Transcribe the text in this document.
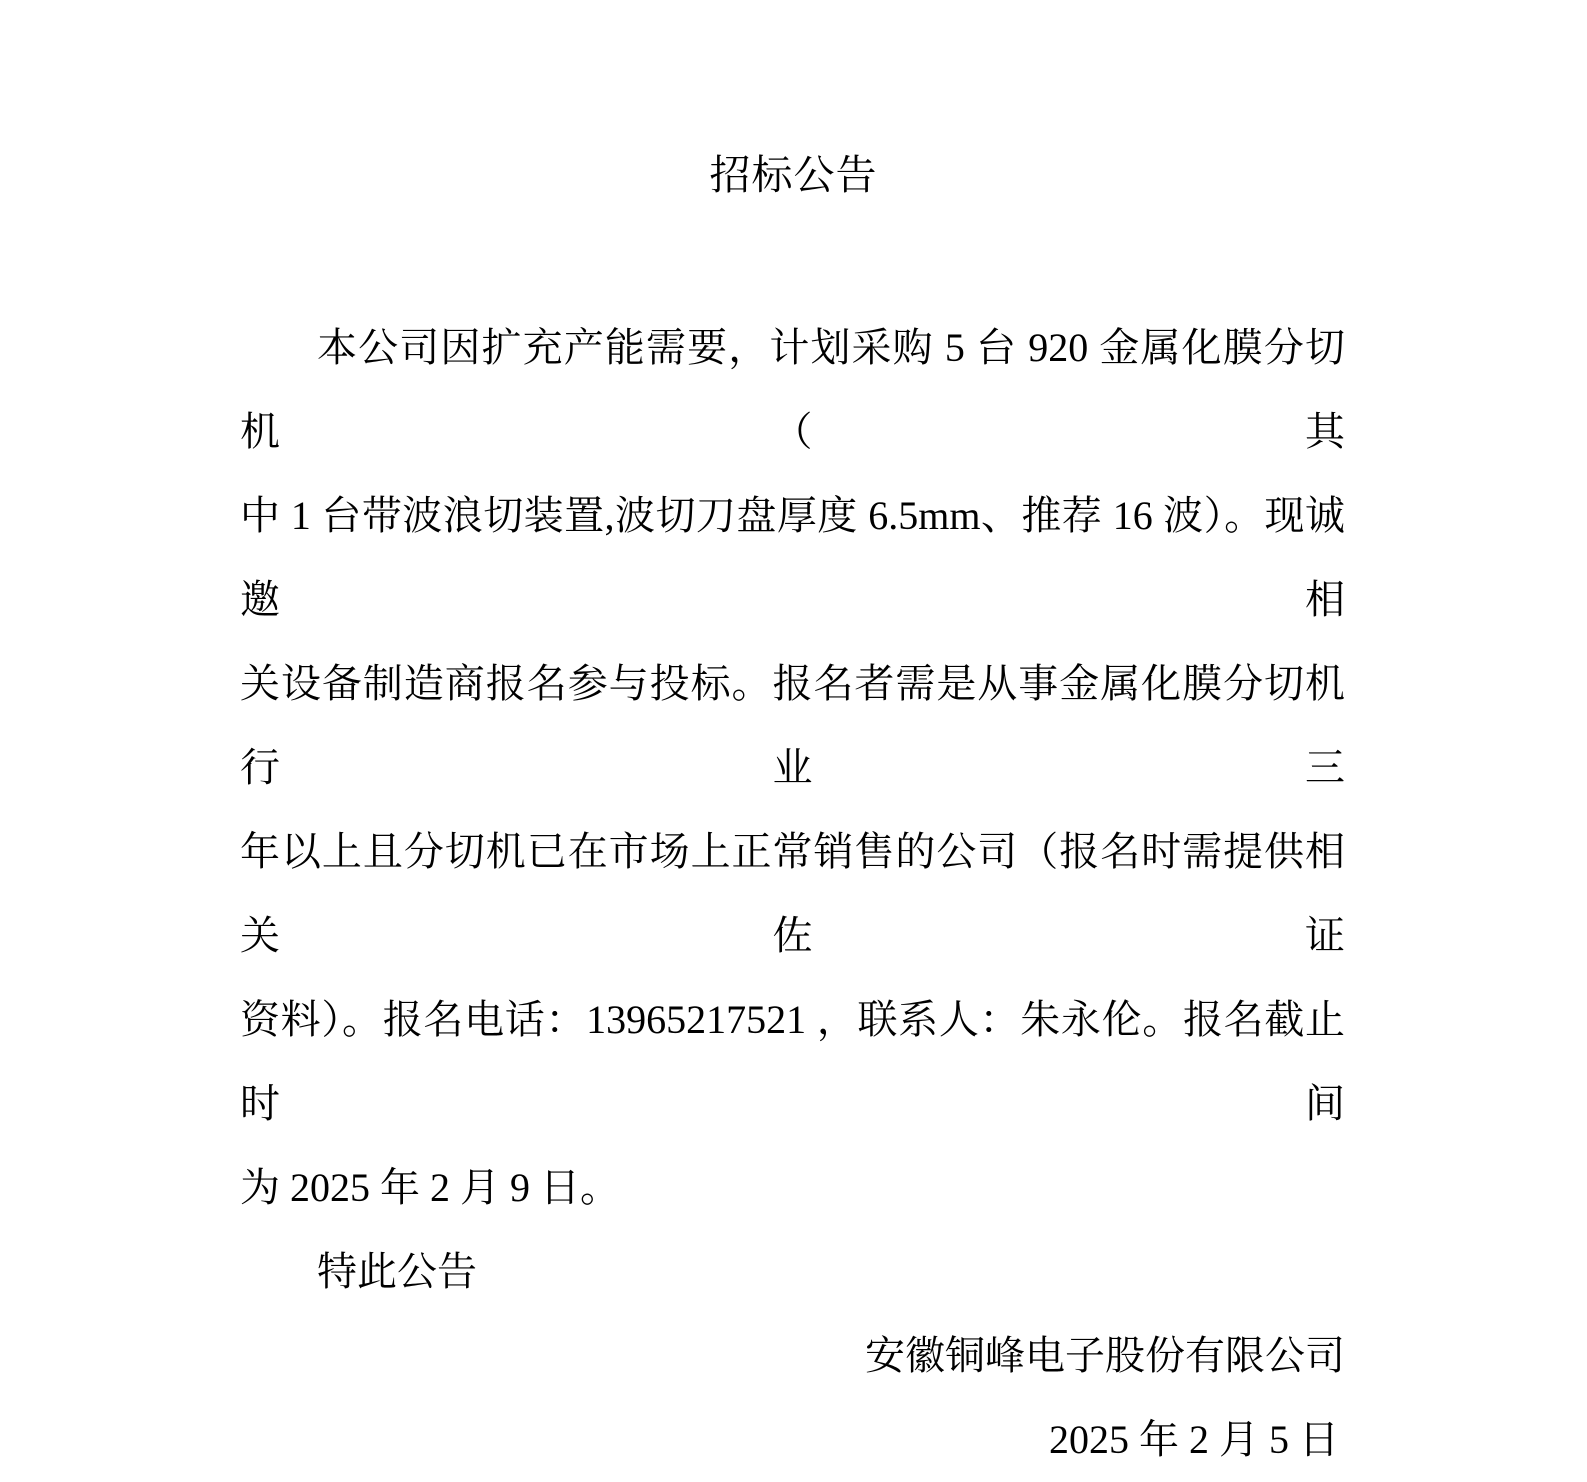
招标公告
本公司因扩充产能需要，计划采购 5 台 920 金属化膜分切机（其
中 1 台带波浪切装置,波切刀盘厚度 6.5mm、推荐 16 波）。现诚邀相
关设备制造商报名参与投标。报名者需是从事金属化膜分切机行业三
年以上且分切机已在市场上正常销售的公司（报名时需提供相关佐证
资料）。报名电话：13965217521 ，联系人：朱永伦。报名截止时间
为 2025 年 2 月 9 日。
特此公告
安徽铜峰电子股份有限公司
2025 年 2 月 5 日
